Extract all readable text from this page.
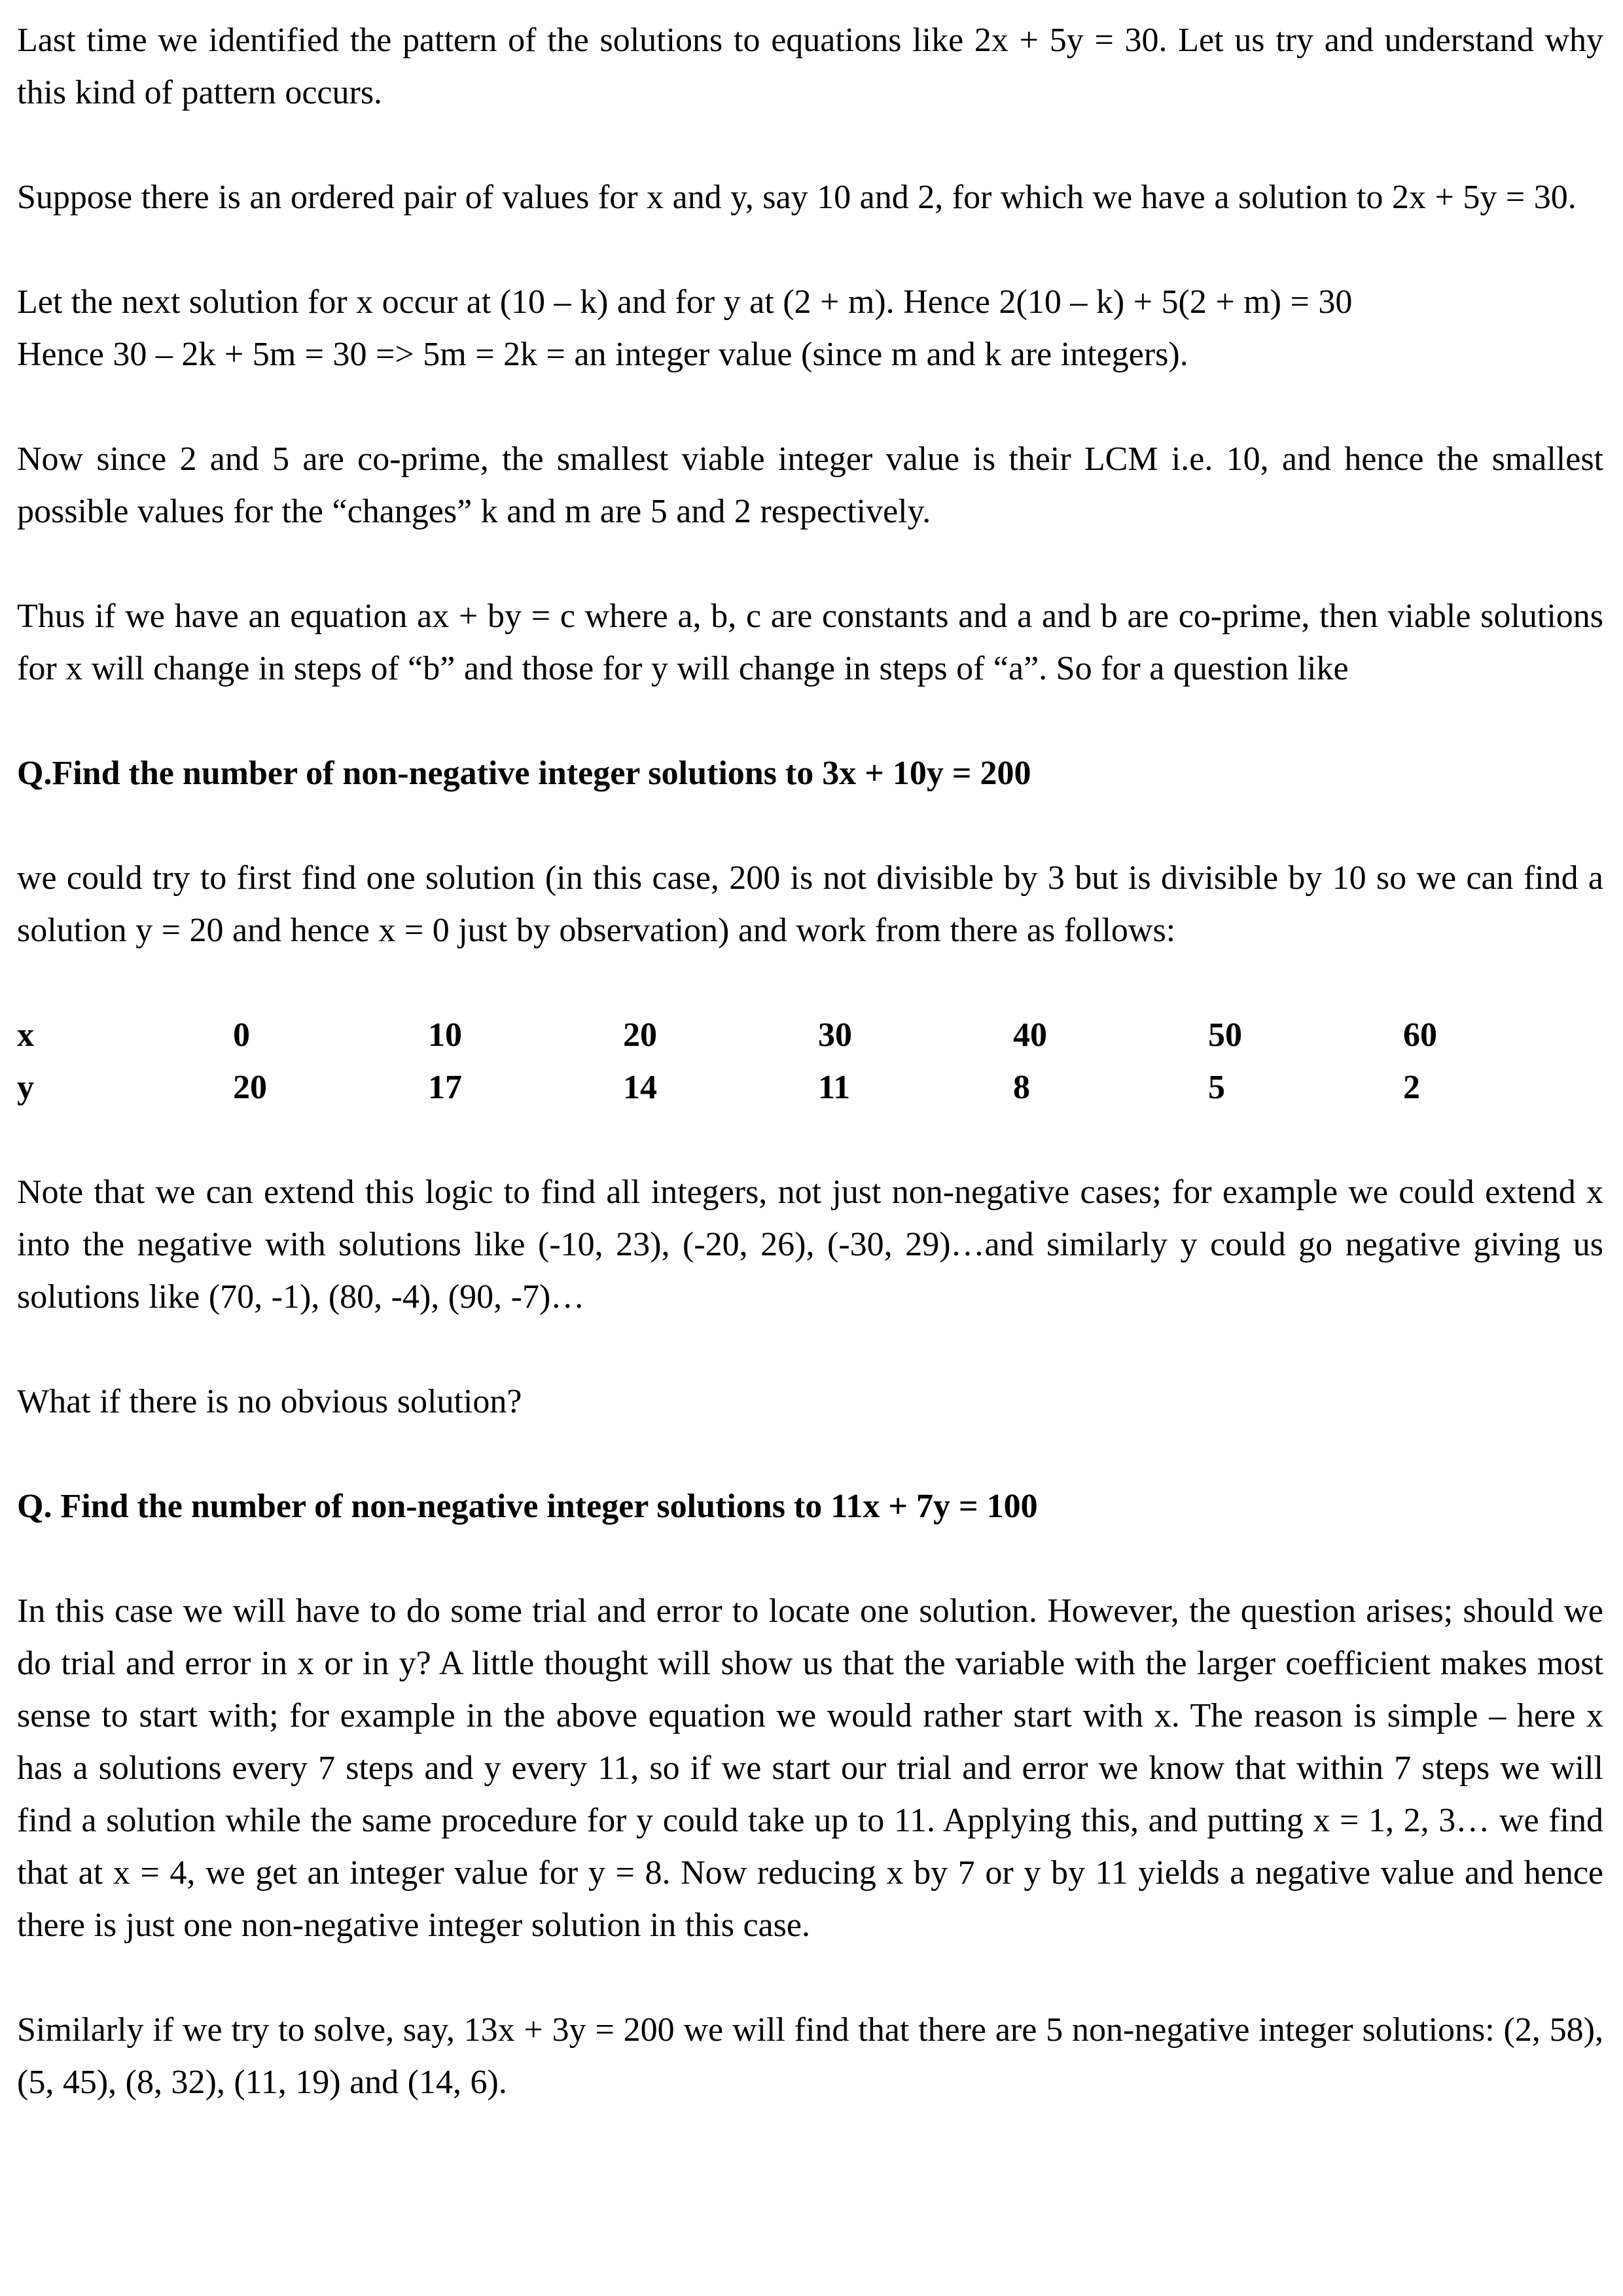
Last time we identified the pattern of the solutions to equations like 2x + 5y = 30. Let us try and understand why this kind of pattern occurs.

Suppose there is an ordered pair of values for x and y, say 10 and 2, for which we have a solution to 2x + 5y = 30.

Let the next solution for x occur at (10 – k) and for y at (2 + m). Hence 2(10 – k) + 5(2 + m) = 30

Hence 30 – 2k + 5m = 30 => 5m = 2k = an integer value (since m and k are integers).

Now since 2 and 5 are co-prime, the smallest viable integer value is their LCM i.e. 10, and hence the smallest possible values for the “changes” k and m are 5 and 2 respectively.

Thus if we have an equation ax + by = c where a, b, c are constants and a and b are co-prime, then viable solutions for x will change in steps of “b” and those for y will change in steps of “a”. So for a question like

Q.Find the number of non-negative integer solutions to 3x + 10y = 200

we could try to first find one solution (in this case, 200 is not divisible by 3 but is divisible by 10 so we can find a solution y = 20 and hence x = 0 just by observation) and work from there as follows:

x	0	10	20	30	40	50	60
y	20	17	14	11	8	5	2

Note that we can extend this logic to find all integers, not just non-negative cases; for example we could extend x into the negative with solutions like (-10, 23), (-20, 26), (-30, 29)…and similarly y could go negative giving us solutions like (70, -1), (80, -4), (90, -7)…

What if there is no obvious solution?

Q. Find the number of non-negative integer solutions to 11x + 7y = 100

In this case we will have to do some trial and error to locate one solution. However, the question arises; should we do trial and error in x or in y? A little thought will show us that the variable with the larger coefficient makes most sense to start with; for example in the above equation we would rather start with x. The reason is simple – here x has a solutions every 7 steps and y every 11, so if we start our trial and error we know that within 7 steps we will find a solution while the same procedure for y could take up to 11. Applying this, and putting x = 1, 2, 3… we find that at x = 4, we get an integer value for y = 8. Now reducing x by 7 or y by 11 yields a negative value and hence there is just one non-negative integer solution in this case.

Similarly if we try to solve, say, 13x + 3y = 200 we will find that there are 5 non-negative integer solutions: (2, 58), (5, 45), (8, 32), (11, 19) and (14, 6).
